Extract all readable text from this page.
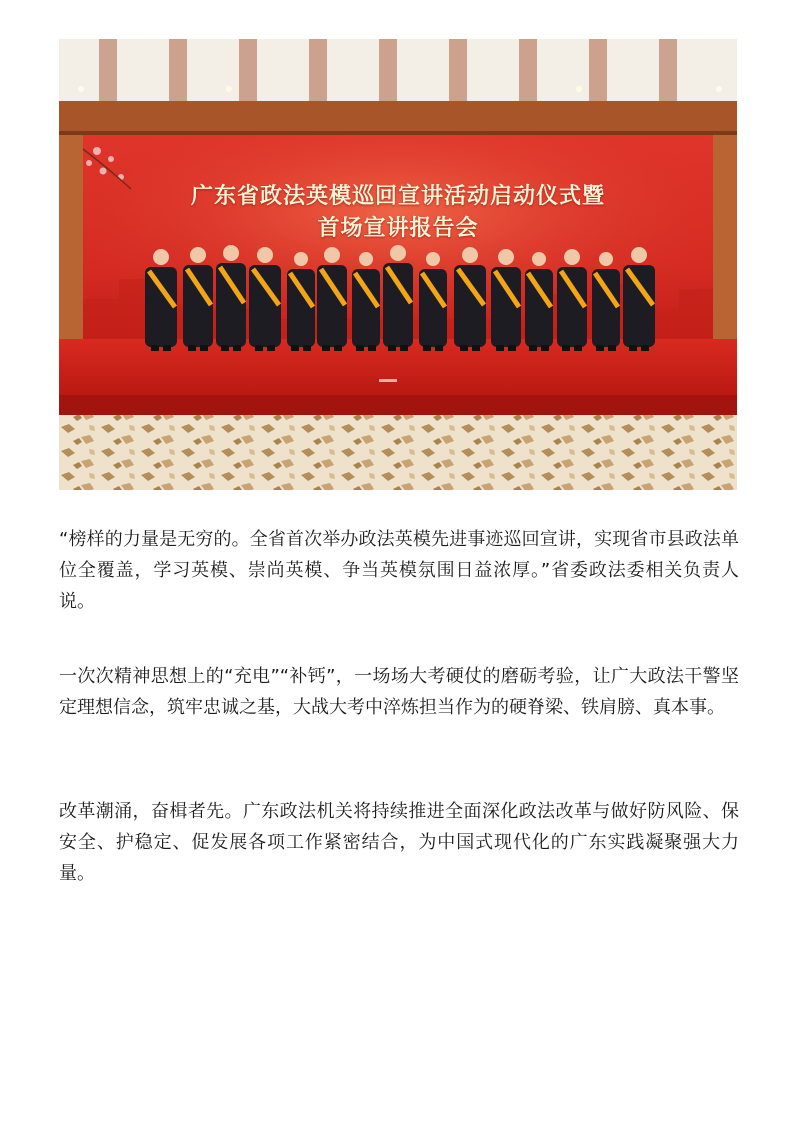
广东省政法英模巡回宣讲活动启动仪式暨
首场宣讲报告会

“榜样的力量是无穷的。全省首次举办政法英模先进事迹巡回宣讲，实现省市县政法单位全覆盖，学习英模、崇尚英模、争当英模氛围日益浓厚。”省委政法委相关负责人说。

一次次精神思想上的“充电”“补钙”，一场场大考硬仗的磨砺考验，让广大政法干警坚定理想信念，筑牢忠诚之基，大战大考中淬炼担当作为的硬脊梁、铁肩膀、真本事。

改革潮涌，奋楫者先。广东政法机关将持续推进全面深化政法改革与做好防风险、保安全、护稳定、促发展各项工作紧密结合，为中国式现代化的广东实践凝聚强大力量。
